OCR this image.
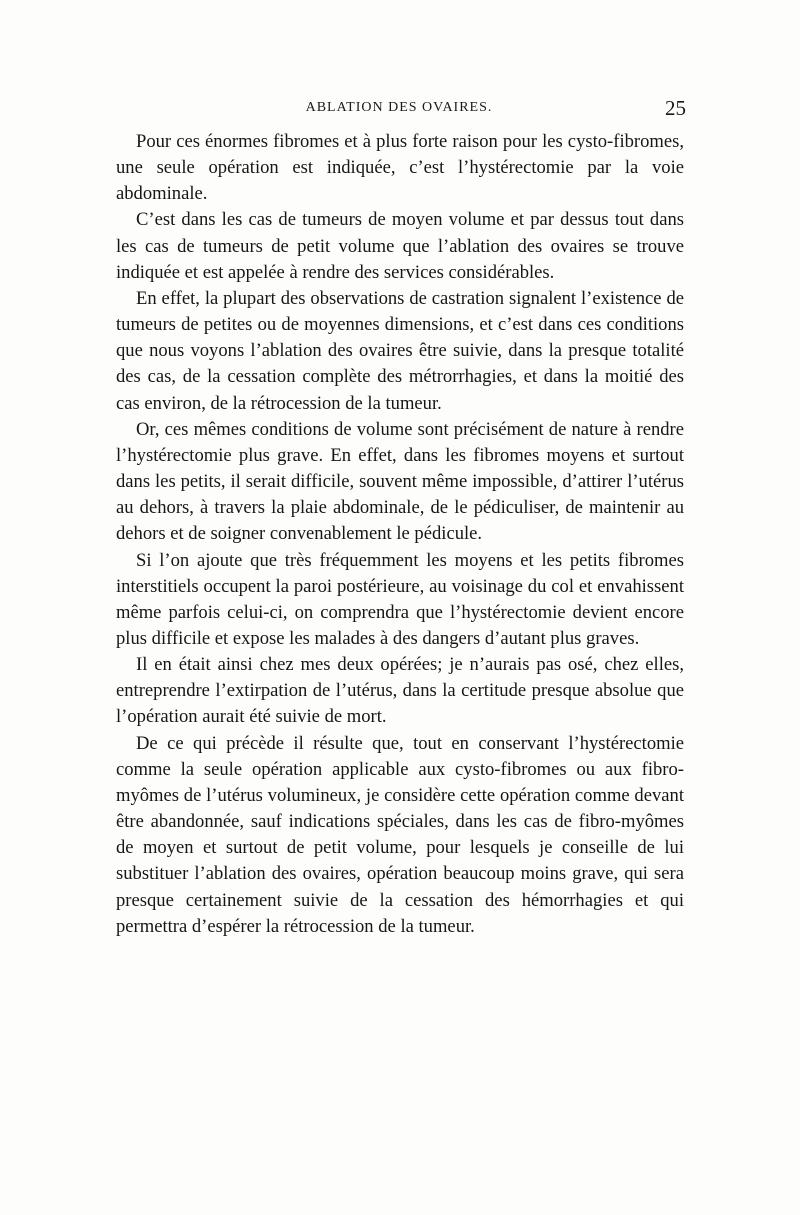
ABLATION DES OVAIRES.	25

Pour ces énormes fibromes et à plus forte raison pour les cysto-fibromes, une seule opération est indiquée, c’est l’hystérectomie par la voie abdominale.

C’est dans les cas de tumeurs de moyen volume et par dessus tout dans les cas de tumeurs de petit volume que l’ablation des ovaires se trouve indiquée et est appelée à rendre des services considérables.

En effet, la plupart des observations de castration signalent l’existence de tumeurs de petites ou de moyennes dimensions, et c’est dans ces conditions que nous voyons l’ablation des ovaires être suivie, dans la presque totalité des cas, de la cessation complète des métrorrhagies, et dans la moitié des cas environ, de la rétrocession de la tumeur.

Or, ces mêmes conditions de volume sont précisément de nature à rendre l’hystérectomie plus grave. En effet, dans les fibromes moyens et surtout dans les petits, il serait difficile, souvent même impossible, d’attirer l’utérus au dehors, à travers la plaie abdominale, de le pédiculiser, de maintenir au dehors et de soigner convenablement le pédicule.

Si l’on ajoute que très fréquemment les moyens et les petits fibromes interstitiels occupent la paroi postérieure, au voisinage du col et envahissent même parfois celui-ci, on comprendra que l’hystérectomie devient encore plus difficile et expose les malades à des dangers d’autant plus graves.

Il en était ainsi chez mes deux opérées; je n’aurais pas osé, chez elles, entreprendre l’extirpation de l’utérus, dans la certitude presque absolue que l’opération aurait été suivie de mort.

De ce qui précède il résulte que, tout en conservant l’hystérectomie comme la seule opération applicable aux cysto-fibromes ou aux fibro-myômes de l’utérus volumineux, je considère cette opération comme devant être abandonnée, sauf indications spéciales, dans les cas de fibro-myômes de moyen et surtout de petit volume, pour lesquels je conseille de lui substituer l’ablation des ovaires, opération beaucoup moins grave, qui sera presque certainement suivie de la cessation des hémorrhagies et qui permettra d’espérer la rétrocession de la tumeur.
